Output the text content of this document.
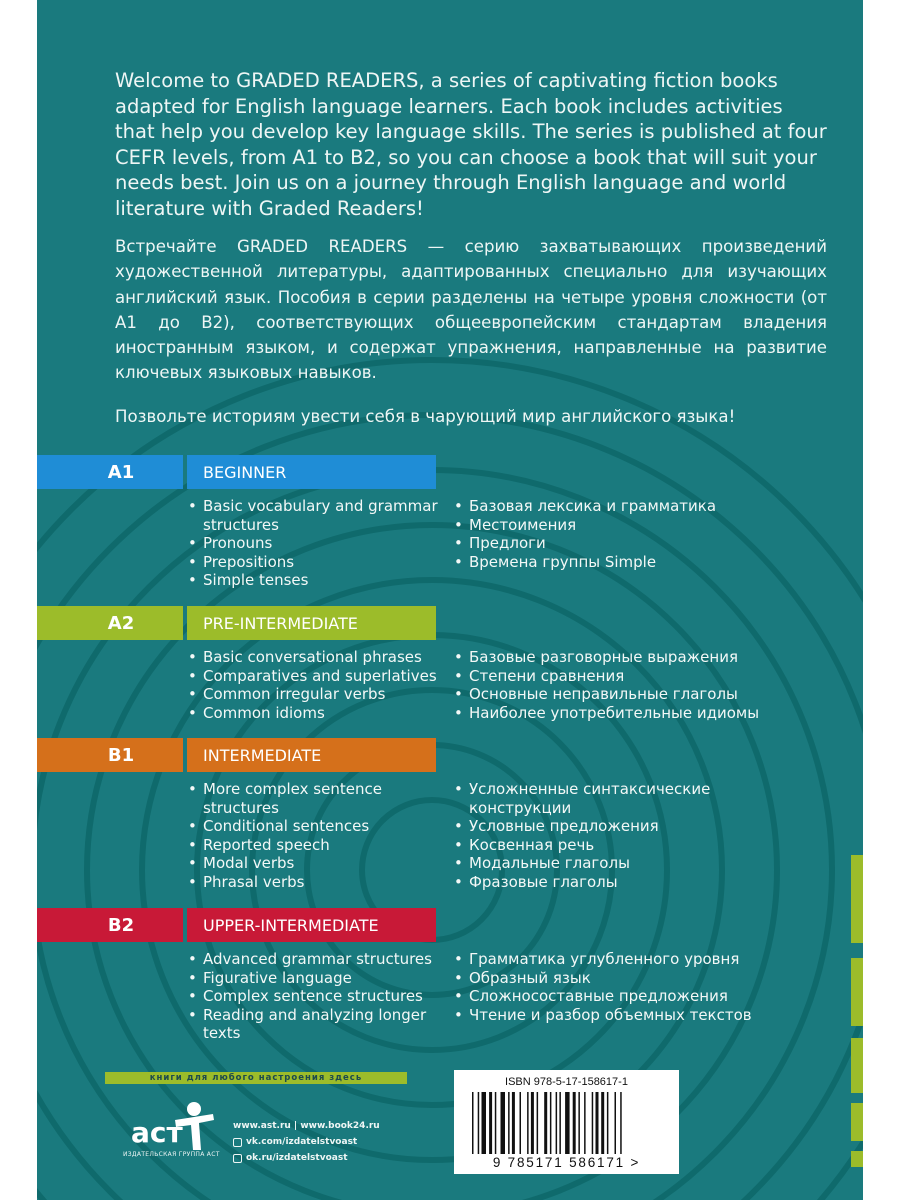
Welcome to GRADED READERS, a series of captivating fiction books adapted for English language learners. Each book includes activities that help you develop key language skills. The series is published at four CEFR levels, from A1 to B2, so you can choose a book that will suit your needs best. Join us on a journey through English language and world literature with Graded Readers!

Встречайте GRADED READERS — серию захватывающих произведений художественной литературы, адаптированных специально для изучающих английский язык. Пособия в серии разделены на четыре уровня сложности (от А1 до В2), соответствующих общеевропейским стандартам владения иностранным языком, и содержат упражнения, направленные на развитие ключевых языковых навыков.

Позвольте историям увести себя в чарующий мир английского языка!

A1	BEGINNER
• Basic vocabulary and grammar structures
• Pronouns
• Prepositions
• Simple tenses
• Базовая лексика и грамматика
• Местоимения
• Предлоги
• Времена группы Simple
A2	PRE-INTERMEDIATE
• Basic conversational phrases
• Comparatives and superlatives
• Common irregular verbs
• Common idioms
• Базовые разговорные выражения
• Степени сравнения
• Основные неправильные глаголы
• Наиболее употребительные идиомы
B1	INTERMEDIATE
• More complex sentence structures
• Conditional sentences
• Reported speech
• Modal verbs
• Phrasal verbs
• Усложненные синтаксические конструкции
• Условные предложения
• Косвенная речь
• Модальные глаголы
• Фразовые глаголы
B2	UPPER-INTERMEDIATE
• Advanced grammar structures
• Figurative language
• Complex sentence structures
• Reading and analyzing longer texts
• Грамматика углубленного уровня
• Образный язык
• Сложносоставные предложения
• Чтение и разбор объемных текстов
книги для любого настроения здесь
аст
ИЗДАТЕЛЬСКАЯ ГРУППА АСТ
www.ast.ru | www.book24.ru
vk.com/izdatelstvoast
ok.ru/izdatelstvoast
ISBN 978-5-17-158617-1
9 785171 586171 >
